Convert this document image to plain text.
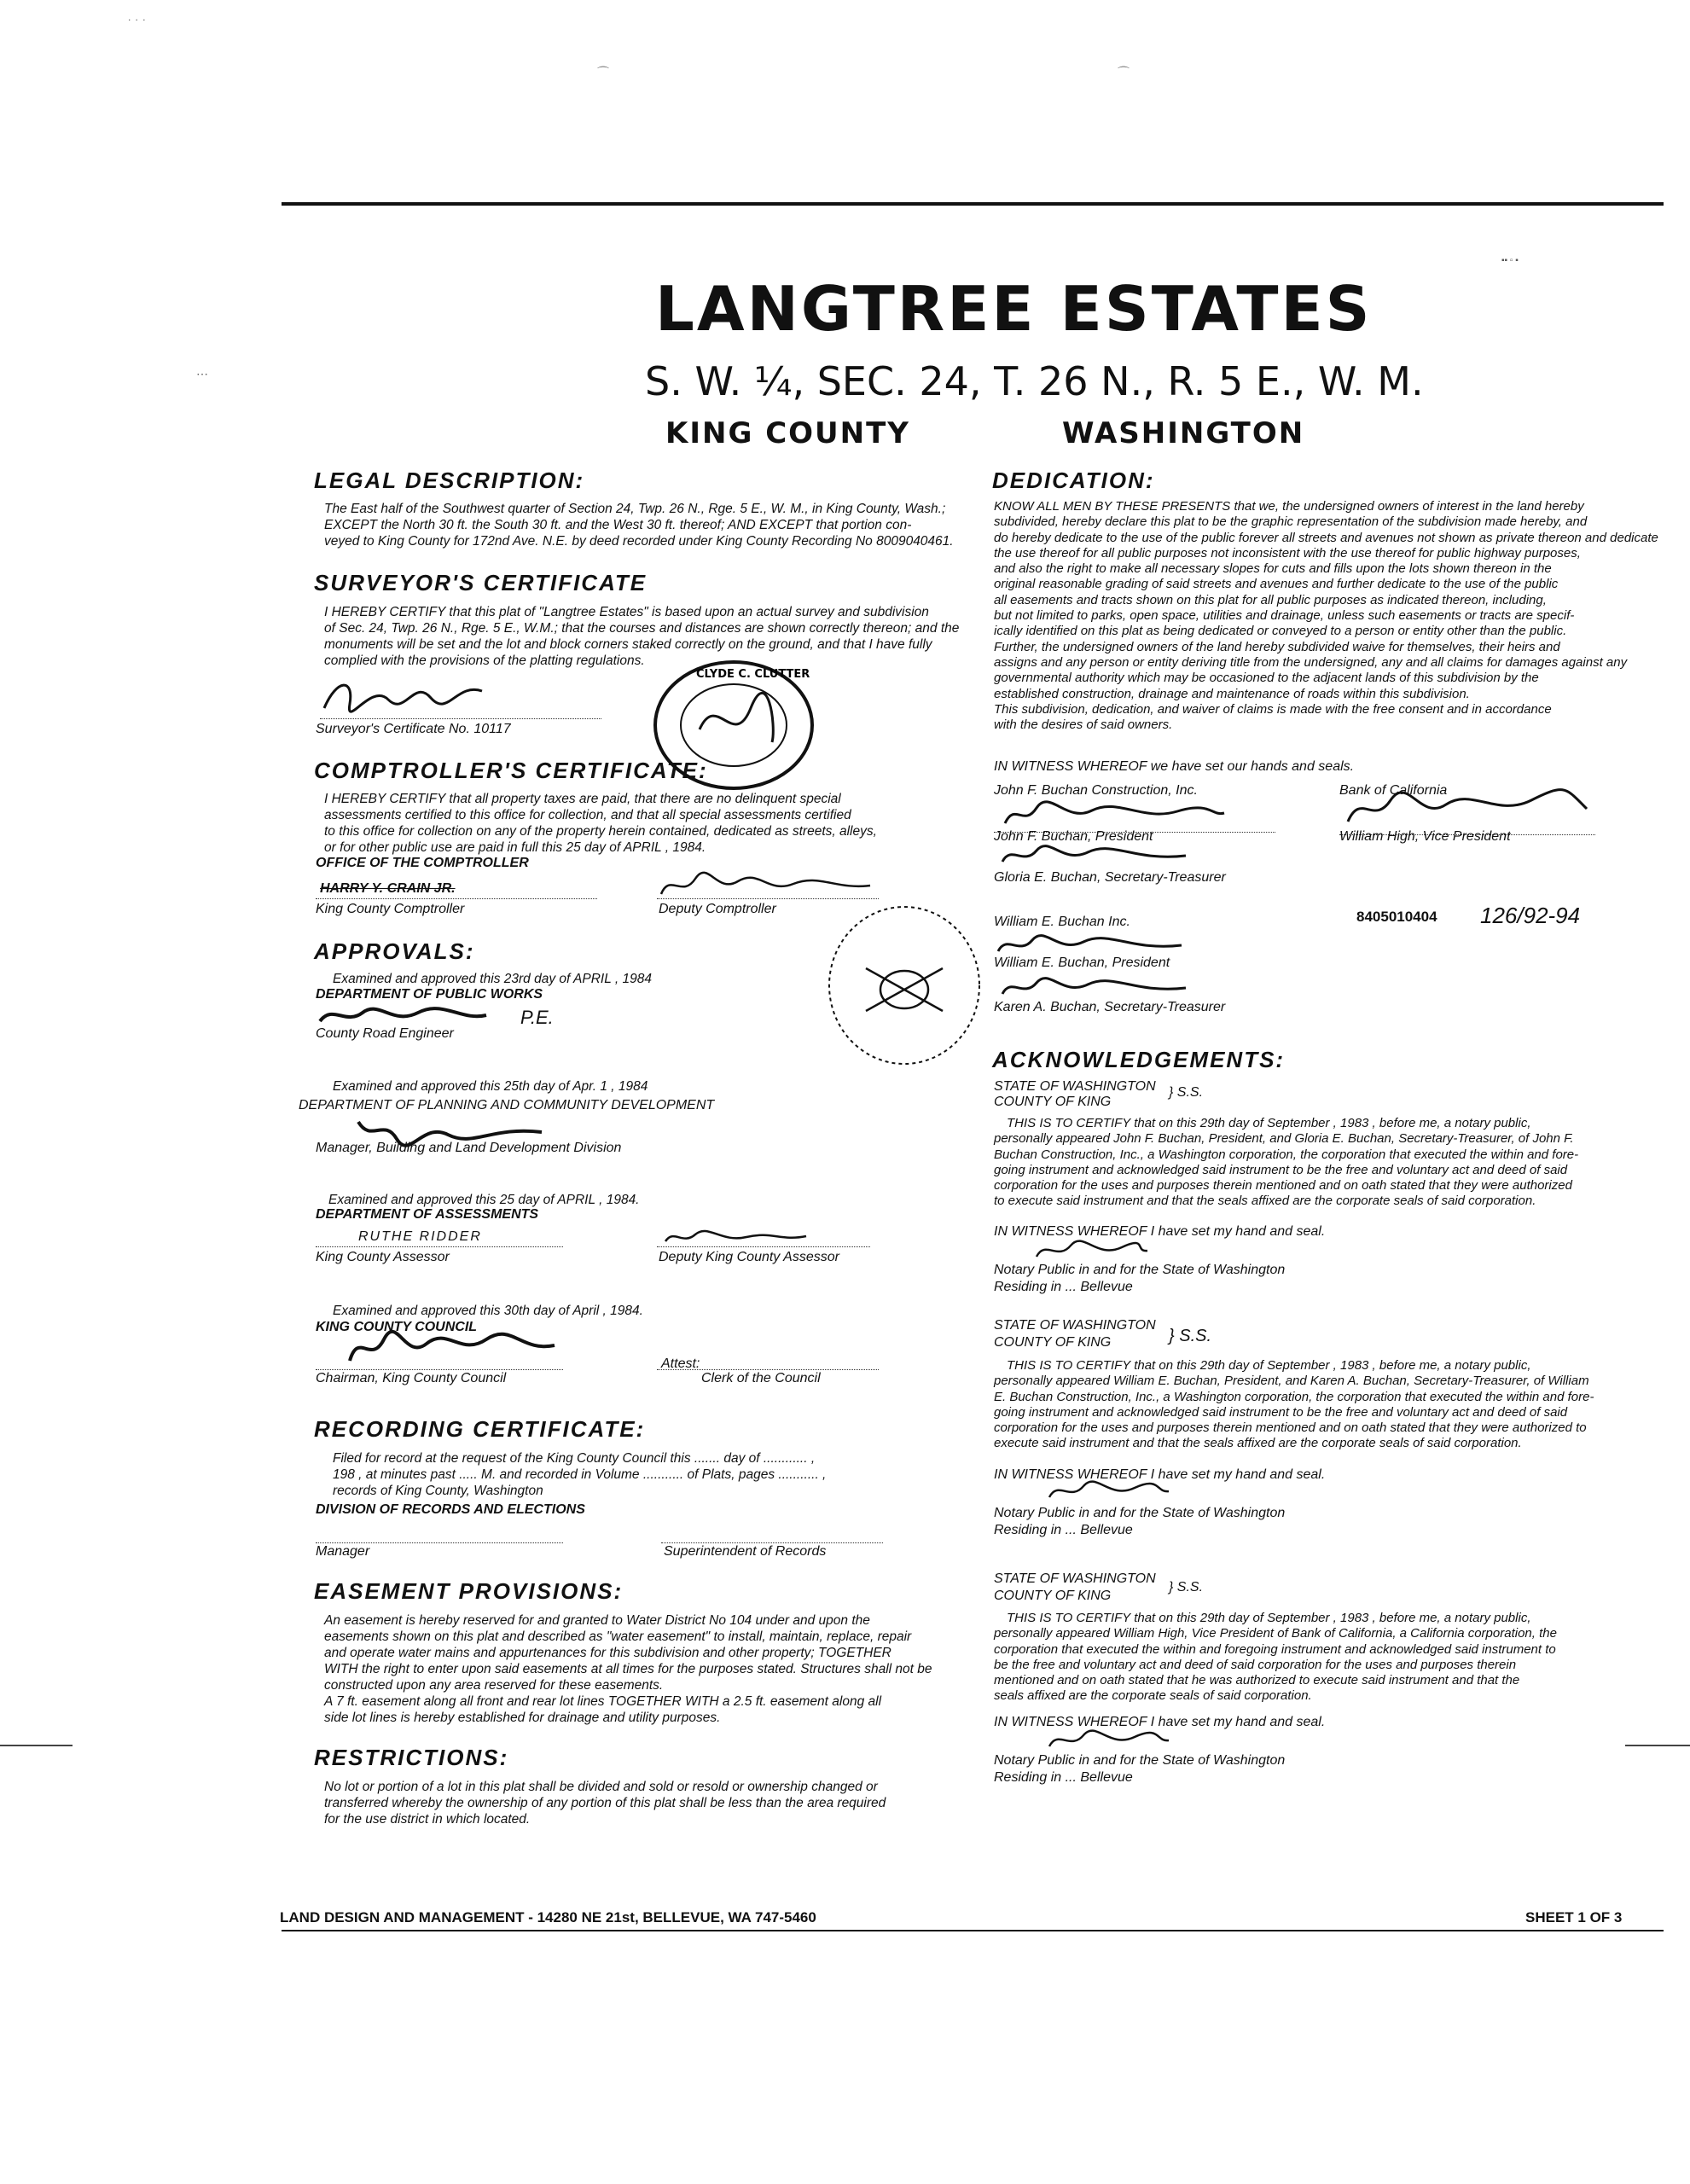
˙ ˙ ˙
⌒	⌒
⋯
▪▪ ▫ ▪
LANGTREE ESTATES
S. W. ¼, SEC. 24, T. 26 N., R. 5 E., W. M.
KING COUNTY	WASHINGTON
LEGAL DESCRIPTION:

The East half of the Southwest quarter of Section 24, Twp. 26 N., Rge. 5 E., W. M., in King County, Wash.;

EXCEPT the North 30 ft. the South 30 ft. and the West 30 ft. thereof; AND EXCEPT that portion con-

veyed to King County for 172nd Ave. N.E. by deed recorded under King County Recording No 8009040461.

SURVEYOR'S CERTIFICATE

I HEREBY CERTIFY that this plat of "Langtree Estates" is based upon an actual survey and subdivision

of Sec. 24, Twp. 26 N., Rge. 5 E., W.M.; that the courses and distances are shown correctly thereon; and the

monuments will be set and the lot and block corners staked correctly on the ground, and that I have fully

complied with the provisions of the platting regulations.

Surveyor's Certificate No. 10117
CLYDE C. CLUTTER
COMPTROLLER'S CERTIFICATE:

I HEREBY CERTIFY that all property taxes are paid, that there are no delinquent special

assessments certified to this office for collection, and that all special assessments certified

to this office for collection on any of the property herein contained, dedicated as streets, alleys,

or for other public use are paid in full this 25 day of APRIL , 1984.

OFFICE OF THE COMPTROLLER
HARRY Y. CRAIN JR.
King County Comptroller	Deputy Comptroller
APPROVALS:
Examined and approved this 23rd day of APRIL , 1984
DEPARTMENT OF PUBLIC WORKS
P.E.
County Road Engineer
Examined and approved this 25th day of Apr. 1 , 1984
DEPARTMENT OF PLANNING AND COMMUNITY DEVELOPMENT
Manager, Building and Land Development Division
Examined and approved this 25 day of APRIL , 1984.
DEPARTMENT OF ASSESSMENTS
RUTHE RIDDER
King County Assessor	Deputy King County Assessor
Examined and approved this 30th day of April , 1984.
KING COUNTY COUNCIL
Chairman, King County Council
Attest:
Clerk of the Council
RECORDING CERTIFICATE:

Filed for record at the request of the King County Council this ....... day of ............ ,

198 , at minutes past ..... M. and recorded in Volume ........... of Plats, pages ........... ,

records of King County, Washington

DIVISION OF RECORDS AND ELECTIONS
Manager	Superintendent of Records
EASEMENT PROVISIONS:

An easement is hereby reserved for and granted to Water District No 104 under and upon the

easements shown on this plat and described as "water easement" to install, maintain, replace, repair

and operate water mains and appurtenances for this subdivision and other property; TOGETHER

WITH the right to enter upon said easements at all times for the purposes stated. Structures shall not be

constructed upon any area reserved for these easements.

A 7 ft. easement along all front and rear lot lines TOGETHER WITH a 2.5 ft. easement along all

side lot lines is hereby established for drainage and utility purposes.

RESTRICTIONS:

No lot or portion of a lot in this plat shall be divided and sold or resold or ownership changed or

transferred whereby the ownership of any portion of this plat shall be less than the area required

for the use district in which located.

DEDICATION:

KNOW ALL MEN BY THESE PRESENTS that we, the undersigned owners of interest in the land hereby

subdivided, hereby declare this plat to be the graphic representation of the subdivision made hereby, and

do hereby dedicate to the use of the public forever all streets and avenues not shown as private thereon and dedicate

the use thereof for all public purposes not inconsistent with the use thereof for public highway purposes,

and also the right to make all necessary slopes for cuts and fills upon the lots shown thereon in the

original reasonable grading of said streets and avenues and further dedicate to the use of the public

all easements and tracts shown on this plat for all public purposes as indicated thereon, including,

but not limited to parks, open space, utilities and drainage, unless such easements or tracts are specif-

ically identified on this plat as being dedicated or conveyed to a person or entity other than the public.

Further, the undersigned owners of the land hereby subdivided waive for themselves, their heirs and

assigns and any person or entity deriving title from the undersigned, any and all claims for damages against any

governmental authority which may be occasioned to the adjacent lands of this subdivision by the

established construction, drainage and maintenance of roads within this subdivision.

This subdivision, dedication, and waiver of claims is made with the free consent and in accordance

with the desires of said owners.

IN WITNESS WHEREOF we have set our hands and seals.
John F. Buchan Construction, Inc.	Bank of California
John F. Buchan, President	William High, Vice President
Gloria E. Buchan, Secretary-Treasurer
8405010404 126/92-94
William E. Buchan Inc.
William E. Buchan, President
Karen A. Buchan, Secretary-Treasurer
ACKNOWLEDGEMENTS:
STATE OF WASHINGTON
COUNTY OF KING
} S.S.

THIS IS TO CERTIFY that on this 29th day of September , 1983 , before me, a notary public,

personally appeared John F. Buchan, President, and Gloria E. Buchan, Secretary-Treasurer, of John F.

Buchan Construction, Inc., a Washington corporation, the corporation that executed the within and fore-

going instrument and acknowledged said instrument to be the free and voluntary act and deed of said

corporation for the uses and purposes therein mentioned and on oath stated that they were authorized

to execute said instrument and that the seals affixed are the corporate seals of said corporation.

IN WITNESS WHEREOF I have set my hand and seal.
Notary Public in and for the State of Washington
Residing in ... Bellevue
STATE OF WASHINGTON
COUNTY OF KING	} S.S.

THIS IS TO CERTIFY that on this 29th day of September , 1983 , before me, a notary public,

personally appeared William E. Buchan, President, and Karen A. Buchan, Secretary-Treasurer, of William

E. Buchan Construction, Inc., a Washington corporation, the corporation that executed the within and fore-

going instrument and acknowledged said instrument to be the free and voluntary act and deed of said

corporation for the uses and purposes therein mentioned and on oath stated that they were authorized to

execute said instrument and that the seals affixed are the corporate seals of said corporation.

IN WITNESS WHEREOF I have set my hand and seal.
Notary Public in and for the State of Washington
Residing in ... Bellevue
STATE OF WASHINGTON
COUNTY OF KING
} S.S.

THIS IS TO CERTIFY that on this 29th day of September , 1983 , before me, a notary public,

personally appeared William High, Vice President of Bank of California, a California corporation, the

corporation that executed the within and foregoing instrument and acknowledged said instrument to

be the free and voluntary act and deed of said corporation for the uses and purposes therein

mentioned and on oath stated that he was authorized to execute said instrument and that the

seals affixed are the corporate seals of said corporation.

IN WITNESS WHEREOF I have set my hand and seal.
Notary Public in and for the State of Washington
Residing in ... Bellevue
LAND DESIGN AND MANAGEMENT - 14280 NE 21st, BELLEVUE, WA 747-5460	SHEET 1 OF 3
